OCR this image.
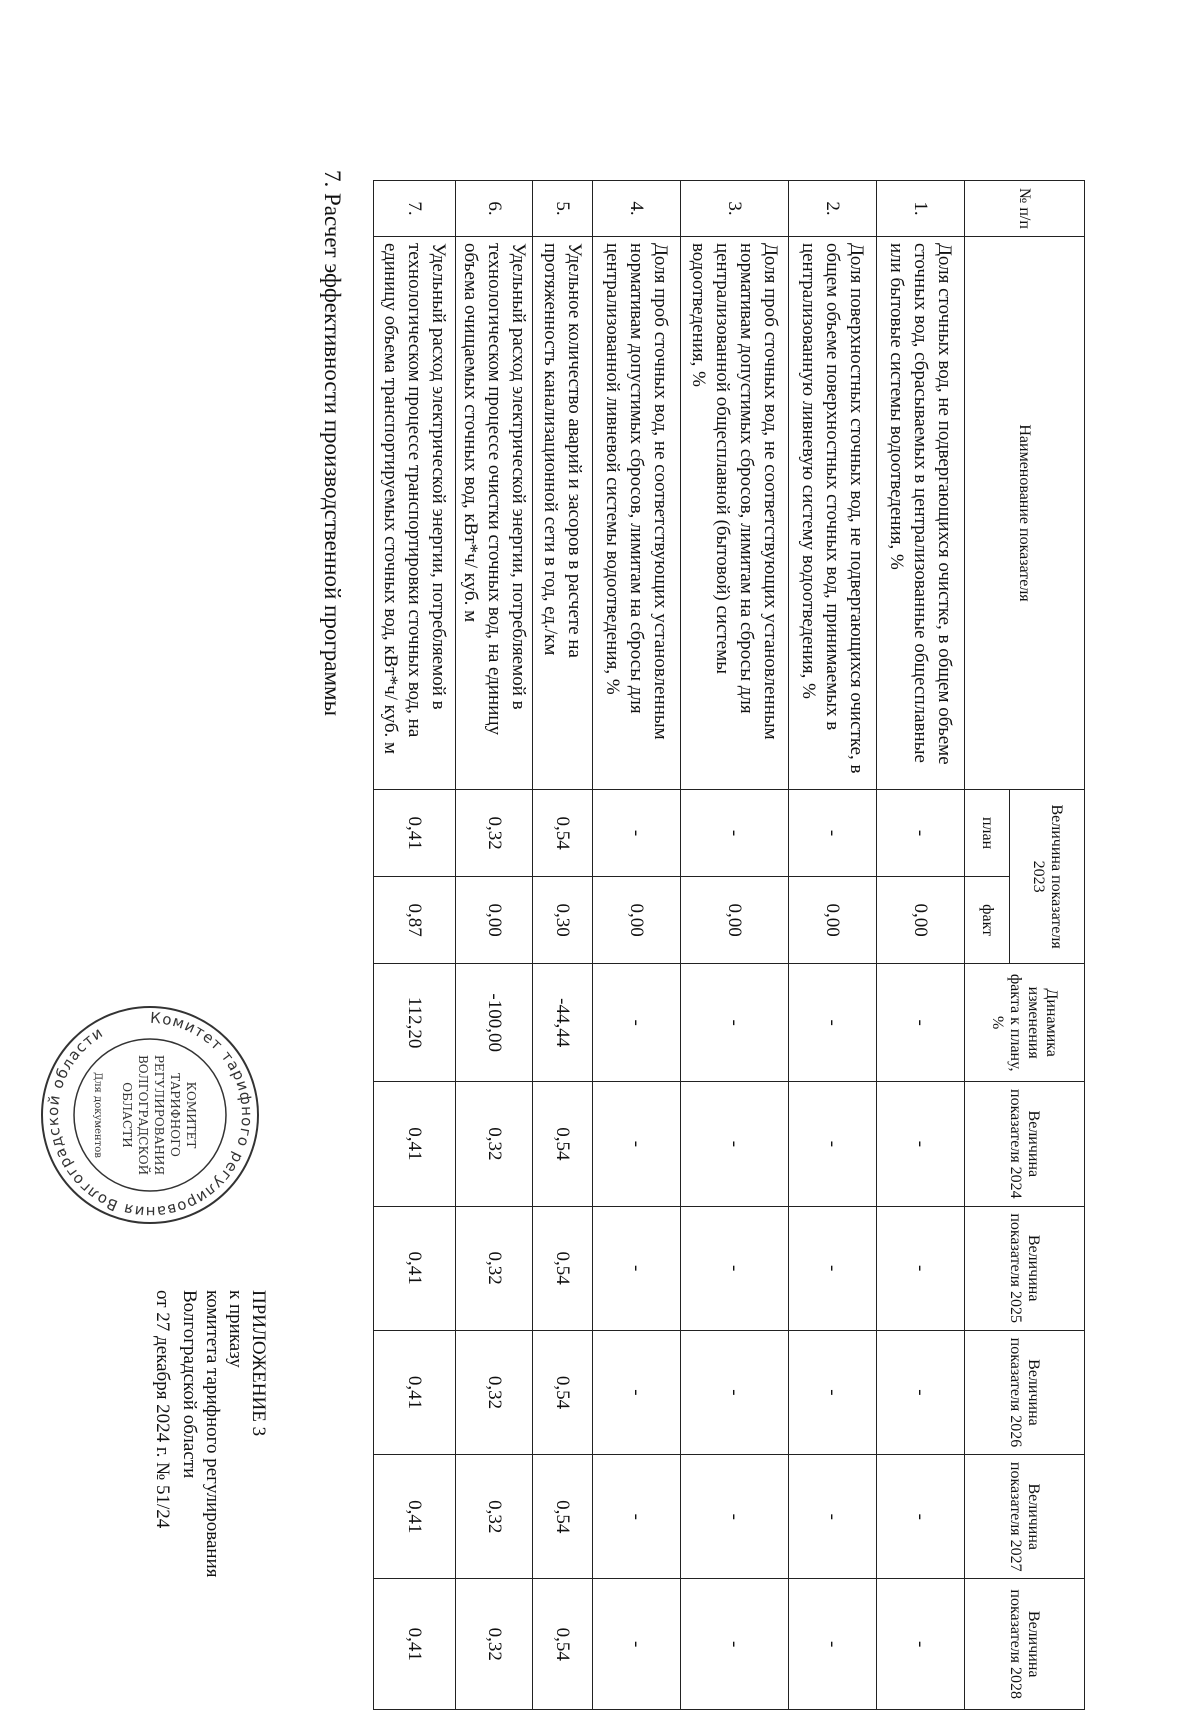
ПРИЛОЖЕНИЕ 3
к приказу
комитета тарифного регулирования
Волгоградской области
от 27 декабря 2024 г. № 51/24
Комитет тарифного регулирования Волгоградской области
КОМИТЕТ
ТАРИФНОГО
РЕГУЛИРОВАНИЯ
ВОЛГОГРАДСКОЙ
ОБЛАСТИ
Для документов
7. Расчет эффективности производственной программы	№ п/п	Наименование показателя	Величина показателя 2023		Динамика изменения факта к плану, %	Величина показателя 2024	Величина показателя 2025	Величина показателя 2026	Величина показателя 2027	Величина показателя 2028
		план	факт						
1.	Доля сточных вод, не подвергающихся очистке, в общем объеме сточных вод, сбрасываемых в централизованные общесплавные или бытовые системы водоотведения, %	-	0,00	-	-	-	-	-	-
2.	Доля поверхностных сточных вод, не подвергающихся очистке, в общем объеме поверхностных сточных вод, принимаемых в централизованную ливневую систему водоотведения, %	-	0,00	-	-	-	-	-	-
3.	Доля проб сточных вод, не соответствующих установленным нормативам допустимых сбросов, лимитам на сбросы для централизованной общесплавной (бытовой) системы водоотведения, %	-	0,00	-	-	-	-	-	-
4.	Доля проб сточных вод, не соответствующих установленным нормативам допустимых сбросов, лимитам на сбросы для централизованной ливневой системы водоотведения, %	-	0,00	-	-	-	-	-	-
5.	Удельное количество аварий и засоров в расчете на протяженность канализационной сети в год, ед./км	0,54	0,30	-44,44	0,54	0,54	0,54	0,54	0,54
6.	Удельный расход электрической энергии, потребляемой в технологическом процессе очистки сточных вод, на единицу объема очищаемых сточных вод, кВт*ч/ куб. м	0,32	0,00	-100,00	0,32	0,32	0,32	0,32	0,32
7.	Удельный расход электрической энергии, потребляемой в технологическом процессе транспортировки сточных вод, на единицу объема транспортируемых сточных вод, кВт*ч/ куб. м	0,41	0,87	112,20	0,41	0,41	0,41	0,41	0,41
